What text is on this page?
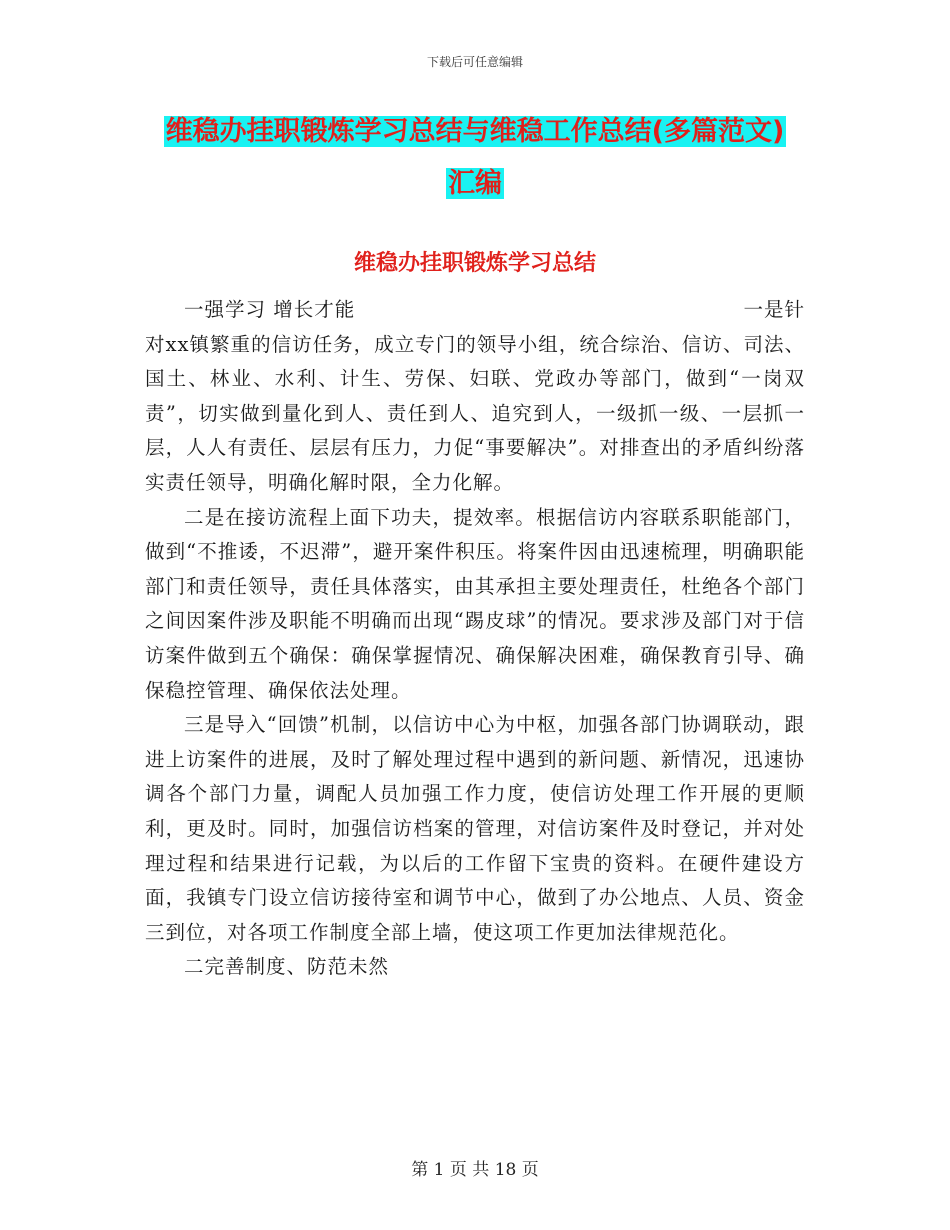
下载后可任意编辑
维稳办挂职锻炼学习总结与维稳工作总结(多篇范文)
汇编
维稳办挂职锻炼学习总结

一强学习 增长才能	一是针

对xx镇繁重的信访任务，成立专门的领导小组，统合综治、信访、司法、国土、林业、水利、计生、劳保、妇联、党政办等部门，做到“一岗双责”，切实做到量化到人、责任到人、追究到人，一级抓一级、一层抓一层，人人有责任、层层有压力，力促“事要解决”。对排查出的矛盾纠纷落实责任领导，明确化解时限，全力化解。

二是在接访流程上面下功夫，提效率。根据信访内容联系职能部门，做到“不推诿，不迟滞”，避开案件积压。将案件因由迅速梳理，明确职能部门和责任领导，责任具体落实，由其承担主要处理责任，杜绝各个部门之间因案件涉及职能不明确而出现“踢皮球”的情况。要求涉及部门对于信访案件做到五个确保：确保掌握情况、确保解决困难，确保教育引导、确保稳控管理、确保依法处理。

三是导入“回馈”机制，以信访中心为中枢，加强各部门协调联动，跟进上访案件的进展，及时了解处理过程中遇到的新问题、新情况，迅速协调各个部门力量，调配人员加强工作力度，使信访处理工作开展的更顺利，更及时。同时，加强信访档案的管理，对信访案件及时登记，并对处理过程和结果进行记载，为以后的工作留下宝贵的资料。在硬件建设方面，我镇专门设立信访接待室和调节中心，做到了办公地点、人员、资金三到位，对各项工作制度全部上墙，使这项工作更加法律规范化。

二完善制度、防范未然

第 1 页 共 18 页
